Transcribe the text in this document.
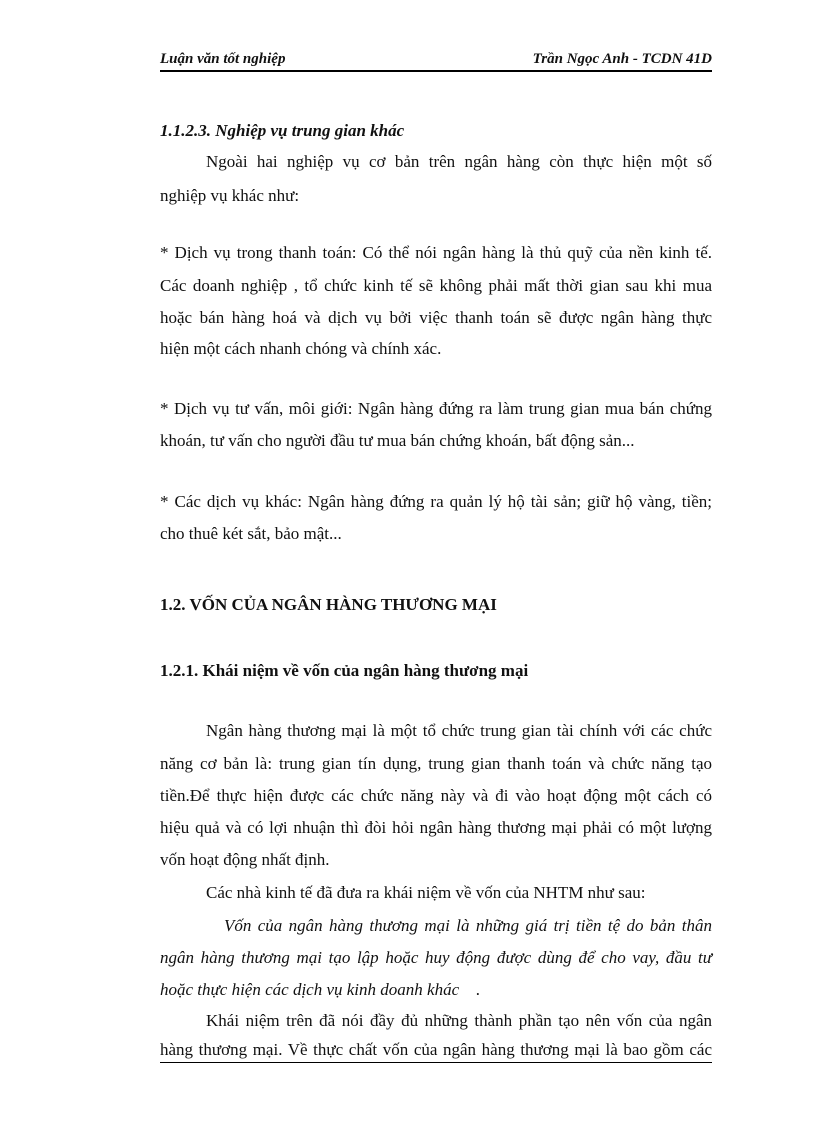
Luận văn tốt nghiệp	Trần Ngọc Anh - TCDN 41D
1.1.2.3. Nghiệp vụ trung gian khác
Ngoài hai nghiệp vụ cơ bản trên ngân hàng còn thực hiện một số
nghiệp vụ khác như:
* Dịch vụ trong thanh toán: Có thể nói ngân hàng là thủ quỹ của nền kinh tế.
Các doanh nghiệp , tổ chức kinh tế sẽ không phải mất thời gian sau khi mua
hoặc bán hàng hoá và dịch vụ bởi việc thanh toán sẽ được ngân hàng thực
hiện một cách nhanh chóng và chính xác.
* Dịch vụ tư vấn, môi giới: Ngân hàng đứng ra làm trung gian mua bán chứng
khoán, tư vấn cho người đầu tư mua bán chứng khoán, bất động sản...
* Các dịch vụ khác: Ngân hàng đứng ra quản lý hộ tài sản; giữ hộ vàng, tiền;
cho thuê két sắt, bảo mật...
1.2. VỐN CỦA NGÂN HÀNG THƯƠNG MẠI
1.2.1. Khái niệm về vốn của ngân hàng thương mại
Ngân hàng thương mại là một tổ chức trung gian tài chính với các chức
năng cơ bản là: trung gian tín dụng, trung gian thanh toán và chức năng tạo
tiền.Để thực hiện được các chức năng này và đi vào hoạt động một cách có
hiệu quả và có lợi nhuận thì đòi hỏi ngân hàng thương mại phải có một lượng
vốn hoạt động nhất định.
Các nhà kinh tế đã đưa ra khái niệm về vốn của NHTM như sau:
Vốn của ngân hàng thương mại là những giá trị tiền tệ do bản thân
ngân hàng thương mại tạo lập hoặc huy động được dùng để cho vay, đầu tư
hoặc thực hiện các dịch vụ kinh doanh khác    .
Khái niệm trên đã nói đầy đủ những thành phần tạo nên vốn của ngân
hàng thương mại. Về thực chất vốn của ngân hàng thương mại là bao gồm các
